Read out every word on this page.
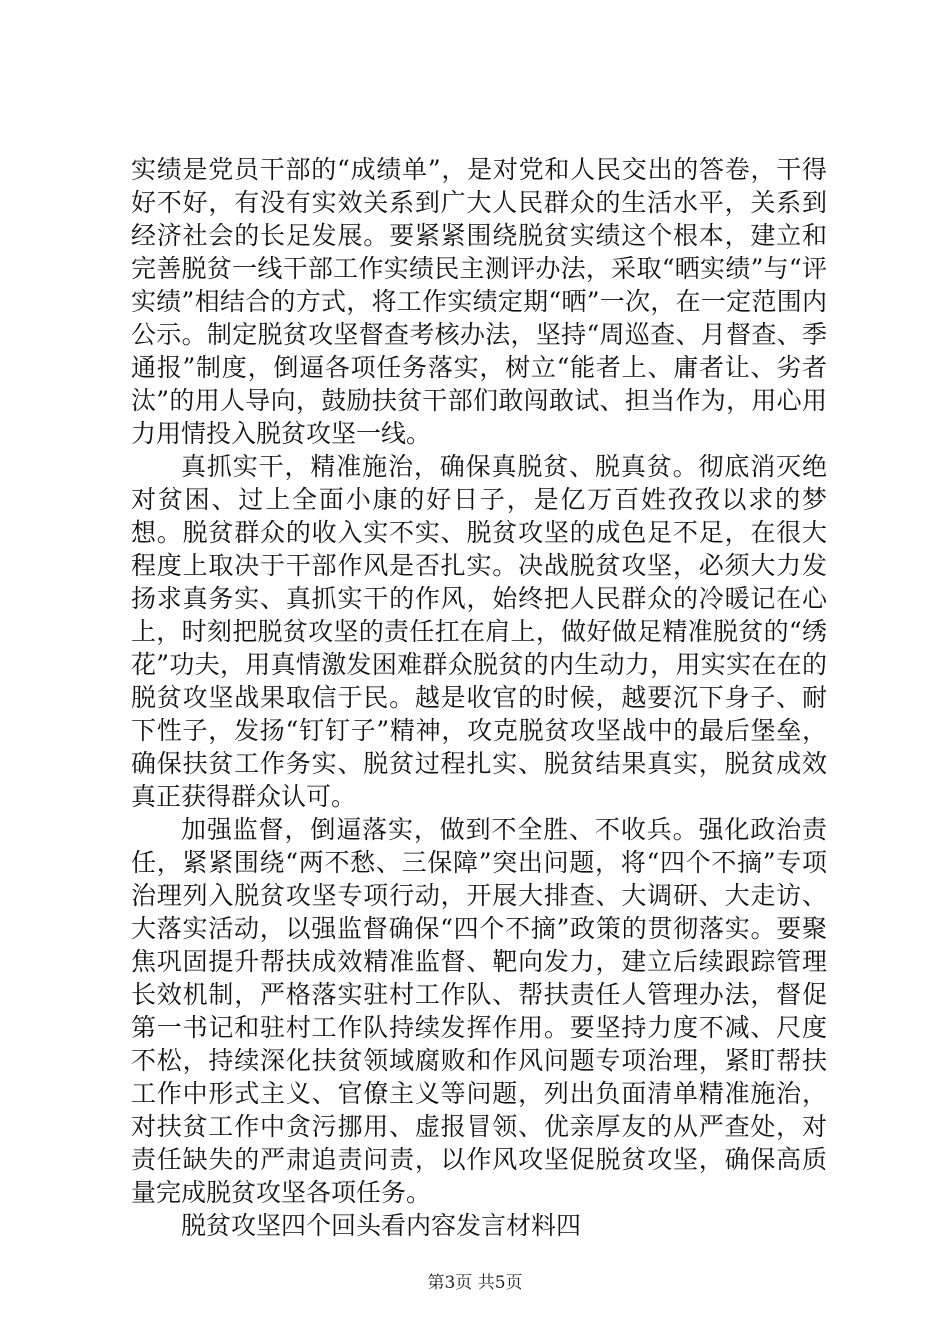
实绩是党员干部的“成绩单”，是对党和人民交出的答卷，干得好不好，有没有实效关系到广大人民群众的生活水平，关系到经济社会的长足发展。要紧紧围绕脱贫实绩这个根本，建立和完善脱贫一线干部工作实绩民主测评办法，采取“晒实绩”与“评实绩”相结合的方式，将工作实绩定期“晒”一次，在一定范围内公示。制定脱贫攻坚督查考核办法，坚持“周巡查、月督查、季通报”制度，倒逼各项任务落实，树立“能者上、庸者让、劣者汰”的用人导向，鼓励扶贫干部们敢闯敢试、担当作为，用心用力用情投入脱贫攻坚一线。

真抓实干，精准施治，确保真脱贫、脱真贫。彻底消灭绝对贫困、过上全面小康的好日子，是亿万百姓孜孜以求的梦想。脱贫群众的收入实不实、脱贫攻坚的成色足不足，在很大程度上取决于干部作风是否扎实。决战脱贫攻坚，必须大力发扬求真务实、真抓实干的作风，始终把人民群众的冷暖记在心上，时刻把脱贫攻坚的责任扛在肩上，做好做足精准脱贫的“绣花”功夫，用真情激发困难群众脱贫的内生动力，用实实在在的脱贫攻坚战果取信于民。越是收官的时候，越要沉下身子、耐下性子，发扬“钉钉子”精神，攻克脱贫攻坚战中的最后堡垒，确保扶贫工作务实、脱贫过程扎实、脱贫结果真实，脱贫成效真正获得群众认可。

加强监督，倒逼落实，做到不全胜、不收兵。强化政治责任，紧紧围绕“两不愁、三保障”突出问题，将“四个不摘”专项治理列入脱贫攻坚专项行动，开展大排查、大调研、大走访、大落实活动，以强监督确保“四个不摘”政策的贯彻落实。要聚焦巩固提升帮扶成效精准监督、靶向发力，建立后续跟踪管理长效机制，严格落实驻村工作队、帮扶责任人管理办法，督促第一书记和驻村工作队持续发挥作用。要坚持力度不减、尺度不松，持续深化扶贫领域腐败和作风问题专项治理，紧盯帮扶工作中形式主义、官僚主义等问题，列出负面清单精准施治，对扶贫工作中贪污挪用、虚报冒领、优亲厚友的从严查处，对责任缺失的严肃追责问责，以作风攻坚促脱贫攻坚，确保高质量完成脱贫攻坚各项任务。

脱贫攻坚四个回头看内容发言材料四

第3页 共5页
